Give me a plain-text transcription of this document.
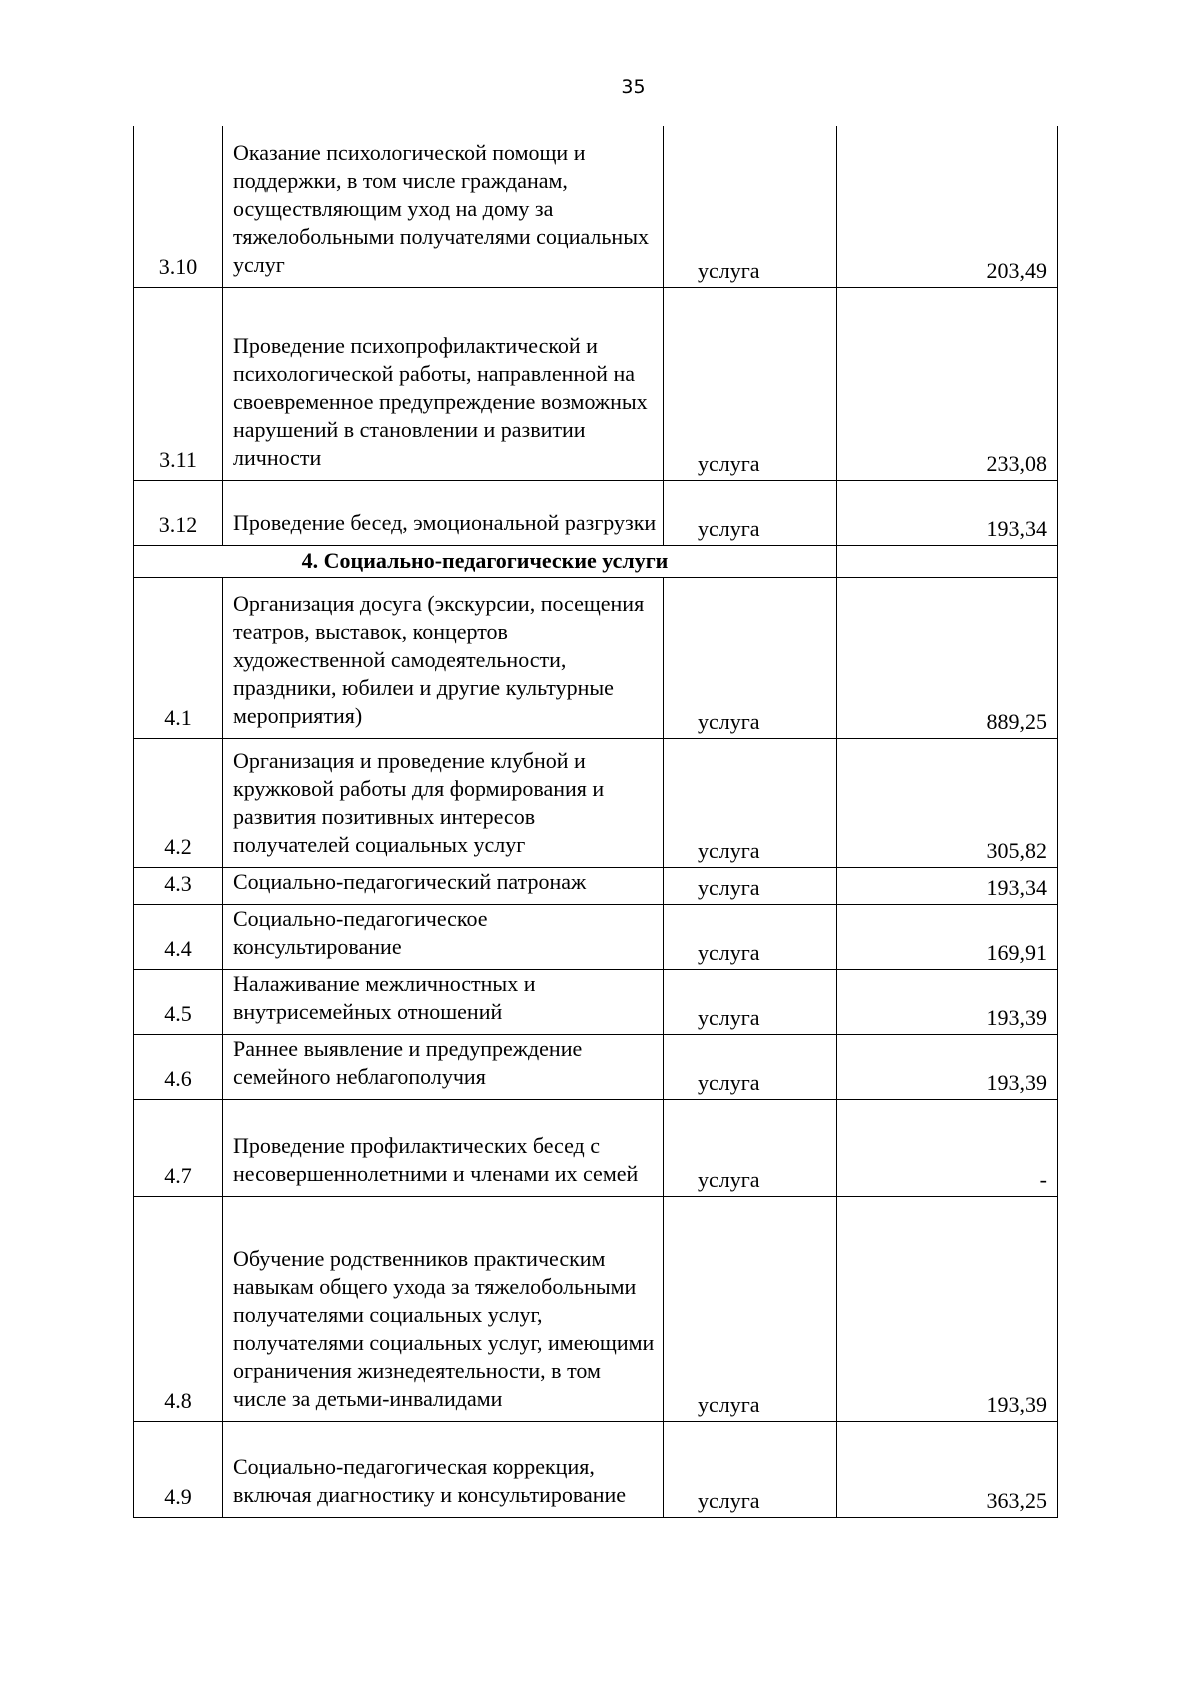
35
3.10	Оказание психологической помощи и поддержки, в том числе гражданам, осуществляющим уход на дому за тяжелобольными получателями социальных услуг	услуга	203,49
3.11	Проведение психопрофилактической и психологической работы, направленной на своевременное предупреждение возможных нарушений в становлении и развитии личности	услуга	233,08
3.12	Проведение бесед, эмоциональной разгрузки	услуга	193,34
4. Социально-педагогические услуги			
4.1	Организация досуга (экскурсии, посещения театров, выставок, концертов художественной самодеятельности, праздники, юбилеи и другие культурные мероприятия)	услуга	889,25
4.2	Организация и проведение клубной и кружковой работы для формирования и развития позитивных интересов получателей социальных услуг	услуга	305,82
4.3	Социально-педагогический патронаж	услуга	193,34
4.4	Социально-педагогическое консультирование	услуга	169,91
4.5	Налаживание межличностных и внутрисемейных отношений	услуга	193,39
4.6	Раннее выявление и предупреждение семейного неблагополучия	услуга	193,39
4.7	Проведение профилактических бесед с несовершеннолетними и членами их семей	услуга	-
4.8	Обучение родственников практическим навыкам общего ухода за тяжелобольными получателями социальных услуг, получателями социальных услуг, имеющими ограничения жизнедеятельности, в том числе за детьми-инвалидами	услуга	193,39
4.9	Социально-педагогическая коррекция, включая диагностику и консультирование	услуга	363,25
